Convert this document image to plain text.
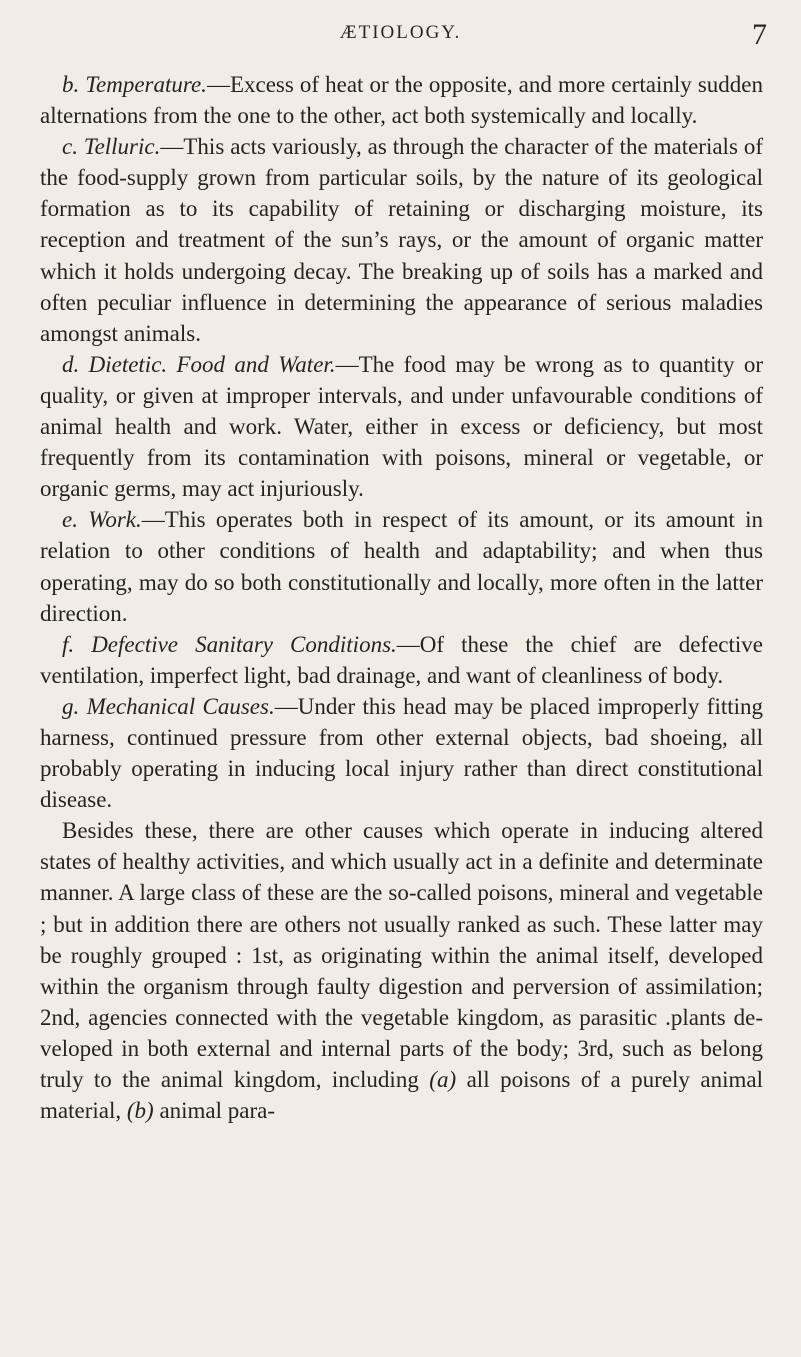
ÆTIOLOGY.	7

b. Temperature.—Excess of heat or the opposite, and more certainly sudden alternations from the one to the other, act both systemically and locally.

c. Telluric.—This acts variously, as through the character of the materials of the food-supply grown from particular soils, by the nature of its geological formation as to its capability of retaining or discharging moisture, its reception and treatment of the sun’s rays, or the amount of organic matter which it holds undergoing decay. The breaking up of soils has a marked and often peculiar influence in determining the appearance of serious maladies amongst animals.

d. Dietetic. Food and Water.—The food may be wrong as to quantity or quality, or given at improper intervals, and under unfavourable conditions of animal health and work. Water, either in excess or deficiency, but most frequently from its contamination with poisons, mineral or vegetable, or organic germs, may act injuriously.

e. Work.—This operates both in respect of its amount, or its amount in relation to other conditions of health and adaptability; and when thus operating, may do so both constitutionally and locally, more often in the latter direction.

f. Defective Sanitary Conditions.—Of these the chief are defective ventilation, imperfect light, bad drainage, and want of cleanliness of body.

g. Mechanical Causes.—Under this head may be placed improperly fitting harness, continued pressure from other external objects, bad shoeing, all probably operating in inducing local injury rather than direct constitutional disease.

Besides these, there are other causes which operate in inducing altered states of healthy activities, and which usually act in a definite and determinate manner. A large class of these are the so-called poisons, mineral and vegetable ; but in addition there are others not usually ranked as such. These latter may be roughly grouped : 1st, as originating within the animal itself, developed within the organism through faulty digestion and perversion of assimilation; 2nd, agencies connected with the vegetable kingdom, as parasitic .plants developed in both external and internal parts of the body; 3rd, such as belong truly to the animal kingdom, including (a) all poisons of a purely animal material, (b) animal para-
